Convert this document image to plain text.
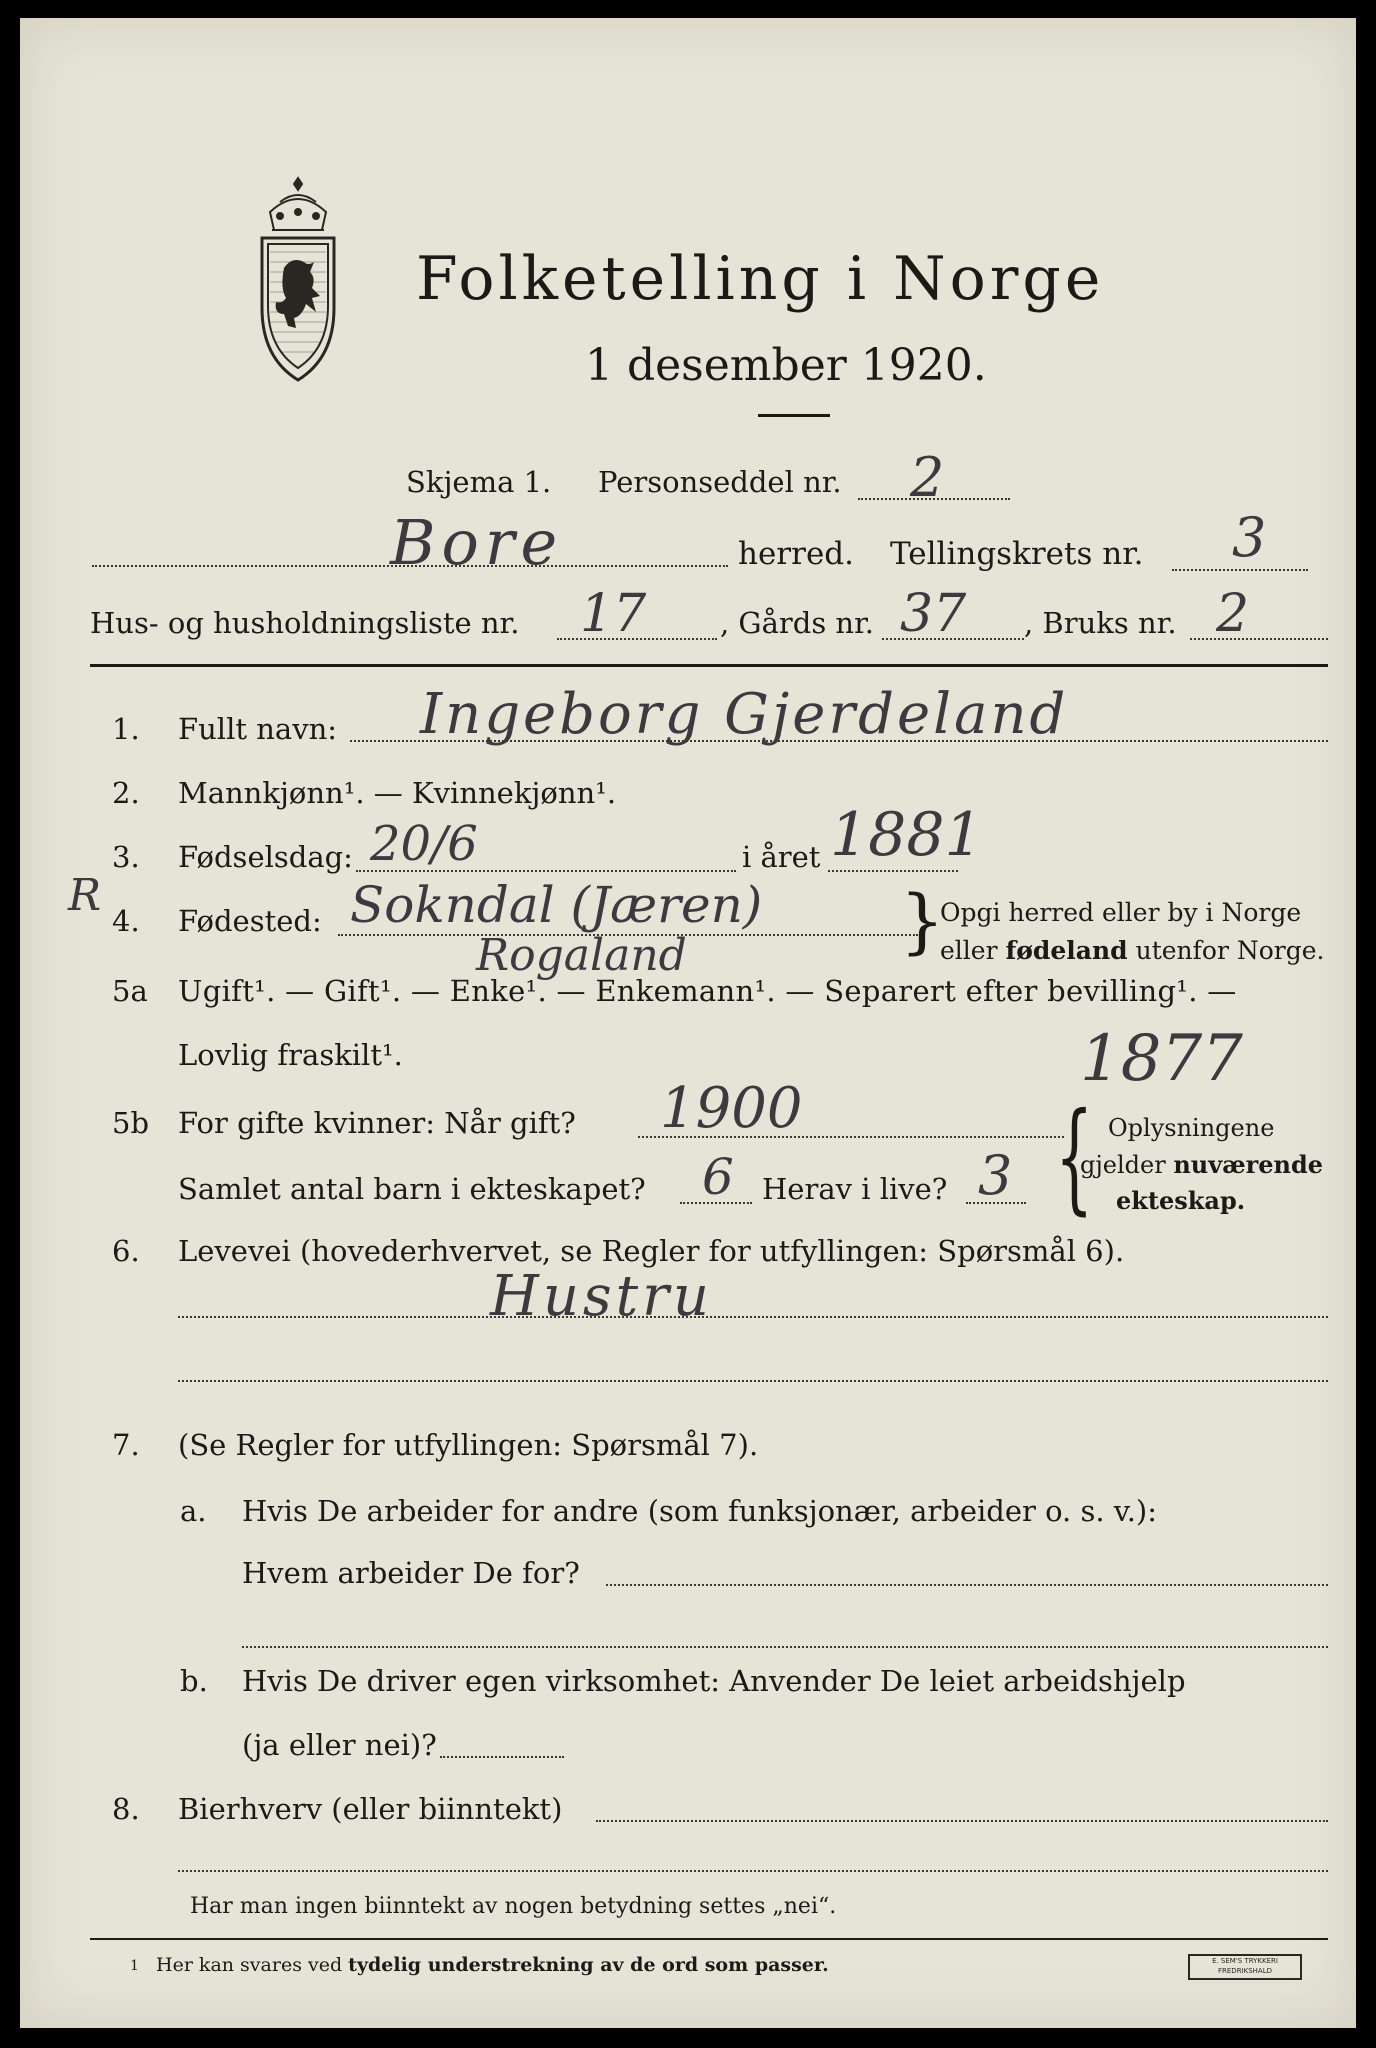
Folketelling i Norge
1 desember 1920.
Skjema 1. Personseddel nr. 2
Bore	herred. Tellingskrets nr. 3
Hus- og husholdningsliste nr. 17	, Gårds nr. 37 , Bruks nr. 2
1. Fullt navn: Ingeborg Gjerdeland
2. Mannkjønn¹. — Kvinnekjønn¹.
3. Fødselsdag: 20/6	i året 1881
R 4. Fødested: Sokndal (Jæren)
Rogaland	}
Opgi herred eller by i Norge
eller fødeland utenfor Norge.
5a Ugift¹. — Gift¹. — Enke¹. — Enkemann¹. — Separert efter bevilling¹. —
Lovlig fraskilt¹.	1877
5b For gifte kvinner: Når gift? 1900
Samlet antal barn i ekteskapet? 6 Herav i live? 3 { Oplysningene
gjelder nuværende
ekteskap.
6. Levevei (hovederhvervet, se Regler for utfyllingen: Spørsmål 6).
Hustru
7. (Se Regler for utfyllingen: Spørsmål 7).
a. Hvis De arbeider for andre (som funksjonær, arbeider o. s. v.):
Hvem arbeider De for?
b. Hvis De driver egen virksomhet: Anvender De leiet arbeidshjelp
(ja eller nei)?
8. Bierhverv (eller biinntekt)
Har man ingen biinntekt av nogen betydning settes „nei“.
1 Her kan svares ved tydelig understrekning av de ord som passer.	E. SEM'S TRYKKERI
FREDRIKSHALD
